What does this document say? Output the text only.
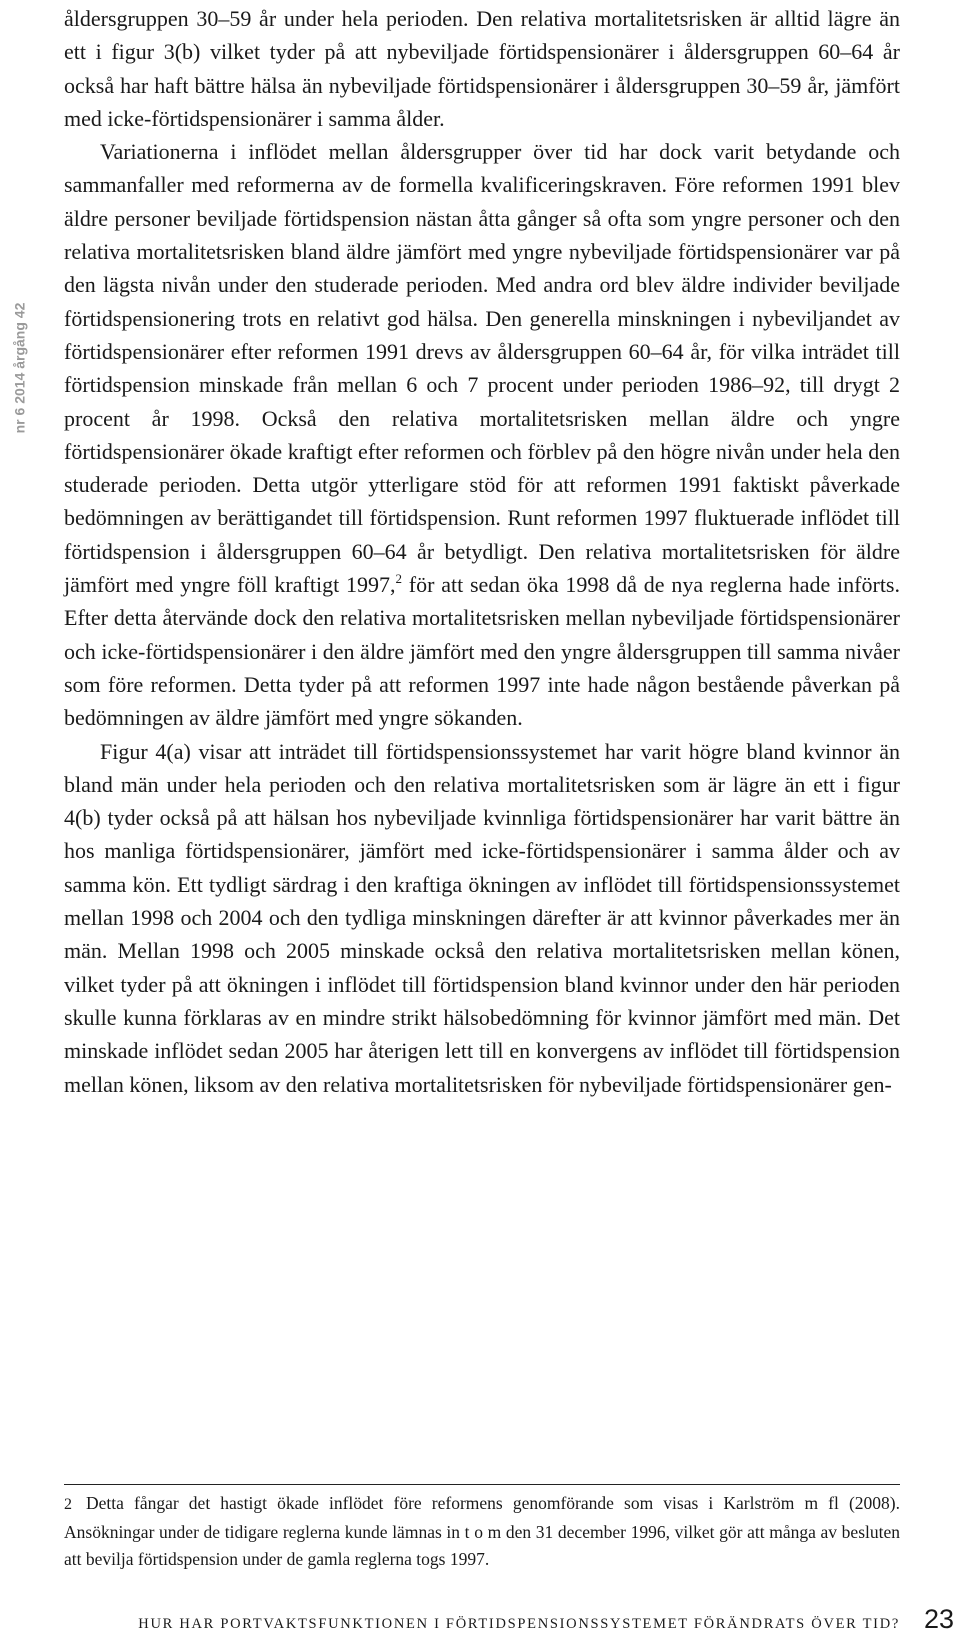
nr 6 2014 årgång 42

åldersgruppen 30–59 år under hela perioden. Den relativa mortalitetsrisken är alltid lägre än ett i figur 3(b) vilket tyder på att nybeviljade förtidspensionärer i åldersgruppen 60–64 år också har haft bättre hälsa än nybeviljade förtidspensionärer i åldersgruppen 30–59 år, jämfört med icke-förtidspensionärer i samma ålder.

Variationerna i inflödet mellan åldersgrupper över tid har dock varit betydande och sammanfaller med reformerna av de formella kvalificeringskraven. Före reformen 1991 blev äldre personer beviljade förtidspension nästan åtta gånger så ofta som yngre personer och den relativa mortalitetsrisken bland äldre jämfört med yngre nybeviljade förtidspensionärer var på den lägsta nivån under den studerade perioden. Med andra ord blev äldre individer beviljade förtidspensionering trots en relativt god hälsa. Den generella minskningen i nybeviljandet av förtidspensionärer efter reformen 1991 drevs av åldersgruppen 60–64 år, för vilka inträdet till förtidspension minskade från mellan 6 och 7 procent under perioden 1986–92, till drygt 2 procent år 1998. Också den relativa mortalitetsrisken mellan äldre och yngre förtidspensionärer ökade kraftigt efter reformen och förblev på den högre nivån under hela den studerade perioden. Detta utgör ytterligare stöd för att reformen 1991 faktiskt påverkade bedömningen av berättigandet till förtidspension. Runt reformen 1997 fluktuerade inflödet till förtidspension i åldersgruppen 60–64 år betydligt. Den relativa mortalitetsrisken för äldre jämfört med yngre föll kraftigt 1997,$^2$ för att sedan öka 1998 då de nya reglerna hade införts. Efter detta återvände dock den relativa mortalitetsrisken mellan nybeviljade förtidspensionärer och icke-förtidspensionärer i den äldre jämfört med den yngre åldersgruppen till samma nivåer som före reformen. Detta tyder på att reformen 1997 inte hade någon bestående påverkan på bedömningen av äldre jämfört med yngre sökanden.

Figur 4(a) visar att inträdet till förtidspensionssystemet har varit högre bland kvinnor än bland män under hela perioden och den relativa mortalitetsrisken som är lägre än ett i figur 4(b) tyder också på att hälsan hos nybeviljade kvinnliga förtidspensionärer har varit bättre än hos manliga förtidspensionärer, jämfört med icke-förtidspensionärer i samma ålder och av samma kön. Ett tydligt särdrag i den kraftiga ökningen av inflödet till förtidspensionssystemet mellan 1998 och 2004 och den tydliga minskningen därefter är att kvinnor påverkades mer än män. Mellan 1998 och 2005 minskade också den relativa mortalitetsrisken mellan könen, vilket tyder på att ökningen i inflödet till förtidspension bland kvinnor under den här perioden skulle kunna förklaras av en mindre strikt hälsobedömning för kvinnor jämfört med män. Det minskade inflödet sedan 2005 har återigen lett till en konvergens av inflödet till förtidspension mellan könen, liksom av den relativa mortalitetsrisken för nybeviljade förtidspensionärer gen-

2 Detta fångar det hastigt ökade inflödet före reformens genomförande som visas i Karlström m fl (2008). Ansökningar under de tidigare reglerna kunde lämnas in t o m den 31 december 1996, vilket gör att många av besluten att bevilja förtidspension under de gamla reglerna togs 1997.
HUR HAR PORTVAKTSFUNKTIONEN I FÖRTIDSPENSIONSSYSTEMET FÖRÄNDRATS ÖVER TID? 23
